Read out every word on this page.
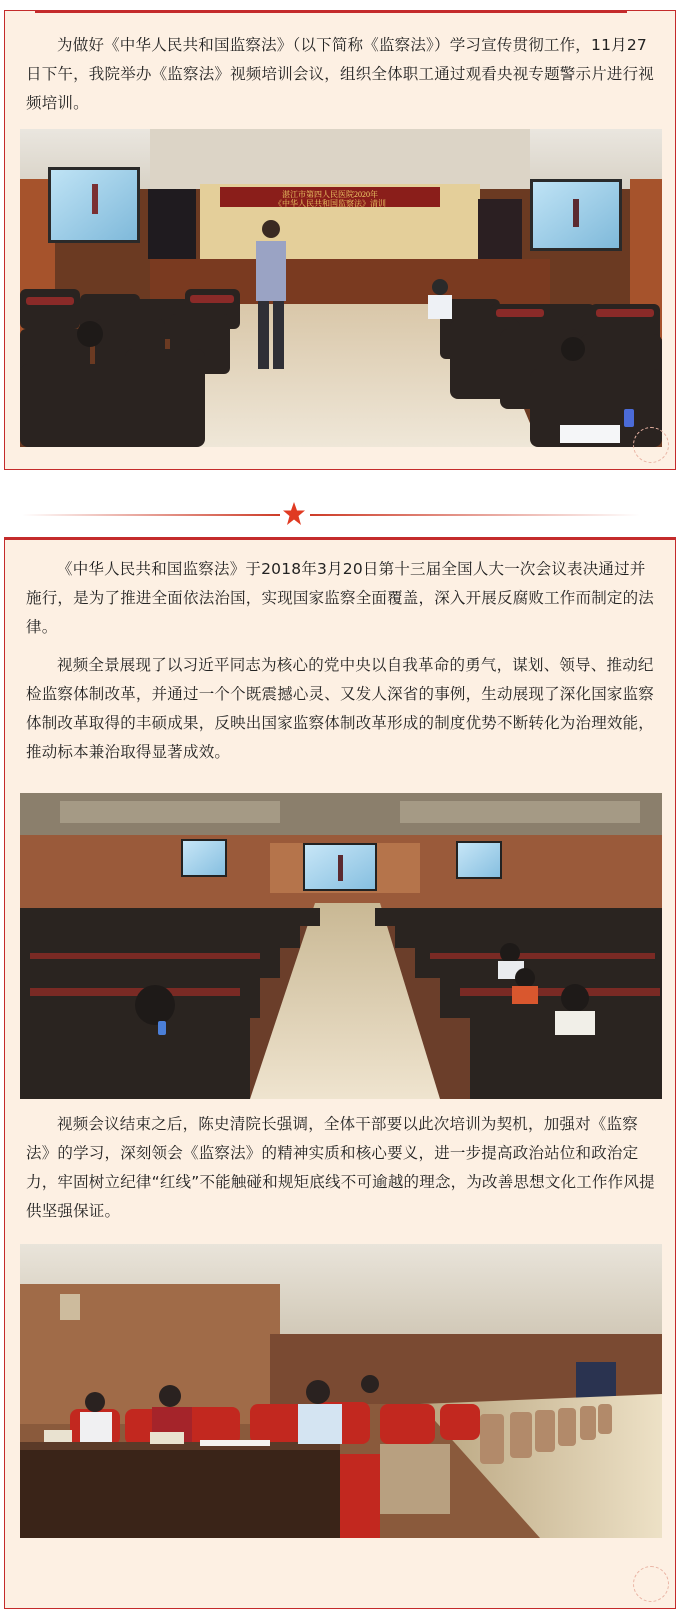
为做好《中华人民共和国监察法》（以下简称《监察法》）学习宣传贯彻工作，11月27日下午，我院举办《监察法》视频培训会议，组织全体职工通过观看央视专题警示片进行视频培训。

湛江市第四人民医院2020年
《中华人民共和国监察法》清训

《中华人民共和国监察法》于2018年3月20日第十三届全国人大一次会议表决通过并施行，是为了推进全面依法治国，实现国家监察全面覆盖，深入开展反腐败工作而制定的法律。

视频全景展现了以习近平同志为核心的党中央以自我革命的勇气，谋划、领导、推动纪检监察体制改革，并通过一个个既震撼心灵、又发人深省的事例，生动展现了深化国家监察体制改革取得的丰硕成果，反映出国家监察体制改革形成的制度优势不断转化为治理效能，推动标本兼治取得显著成效。

视频会议结束之后，陈史清院长强调，全体干部要以此次培训为契机，加强对《监察法》的学习，深刻领会《监察法》的精神实质和核心要义，进一步提高政治站位和政治定力，牢固树立纪律“红线”不能触碰和规矩底线不可逾越的理念，为改善思想文化工作作风提供坚强保证。
